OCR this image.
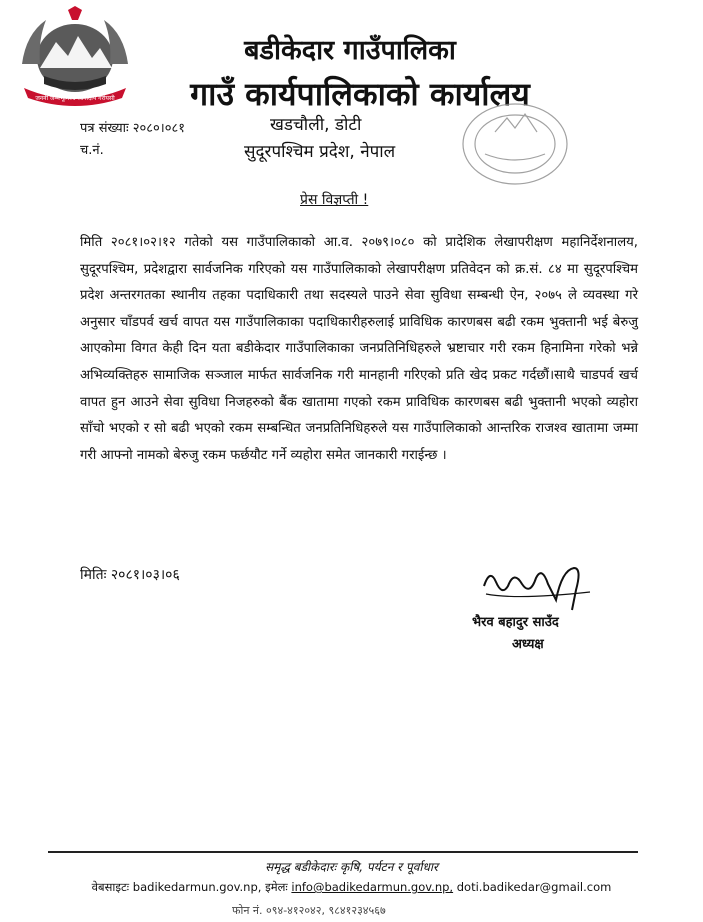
जननी जन्मभूमिश्च स्वर्गादपि गरीयसी
बडीकेदार गाउँपालिका
गाउँ कार्यपालिकाको कार्यालय
पत्र संख्याः २०८०।०८१
च.नं.
खडचौली, डोटी
सुदूरपश्चिम प्रदेश, नेपाल
प्रेस विज्ञप्ती !

मिति २०८१।०२।१२ गतेको यस गाउँपालिकाको आ.व. २०७९।०८० को प्रादेशिक लेखापरीक्षण महानिर्देशनालय, सुदूरपश्चिम, प्रदेशद्वारा सार्वजनिक गरिएको यस गाउँपालिकाको लेखापरीक्षण प्रतिवेदन को क्र.सं. ८४ मा सुदूरपश्चिम प्रदेश अन्तरगतका स्थानीय तहका पदाधिकारी तथा सदस्यले पाउने सेवा सुविधा सम्बन्धी ऐन, २०७५ ले व्यवस्था गरे अनुसार चाँडपर्व खर्च वापत यस गाउँपालिकाका पदाधिकारीहरुलाई प्राविधिक कारणबस बढी रकम भुक्तानी भई बेरुजु आएकोमा विगत केही दिन यता बडीकेदार गाउँपालिकाका जनप्रतिनिधिहरुले भ्रष्टाचार गरी रकम हिनामिना गरेको भन्ने अभिव्यक्तिहरु सामाजिक सञ्जाल मार्फत सार्वजनिक गरी मानहानी गरिएको प्रति खेद प्रकट गर्दछौं।साथै चाडपर्व खर्च वापत हुन आउने सेवा सुविधा निजहरुको बैंक खातामा गएको रकम प्राविधिक कारणबस बढी भुक्तानी भएको व्यहोरा साँचो भएको र सो बढी भएको रकम सम्बन्धित जनप्रतिनिधिहरुले यस गाउँपालिकाको आन्तरिक राजश्व खातामा जम्मा गरी आफ्नो नामको बेरुजु रकम फर्छयौट गर्ने व्यहोरा समेत जानकारी गराईन्छ ।

मितिः २०८१।०३।०६
भैरव बहादुर साउँद
अध्यक्ष
समृद्ध बडीकेदारः कृषि, पर्यटन र पूर्वाधार
वेबसाइटः badikedarmun.gov.np, इमेलः info@badikedarmun.gov.np, doti.badikedar@gmail.com
फोन नं. ०९४-४१२०४२, ९८४१२३४५६७
